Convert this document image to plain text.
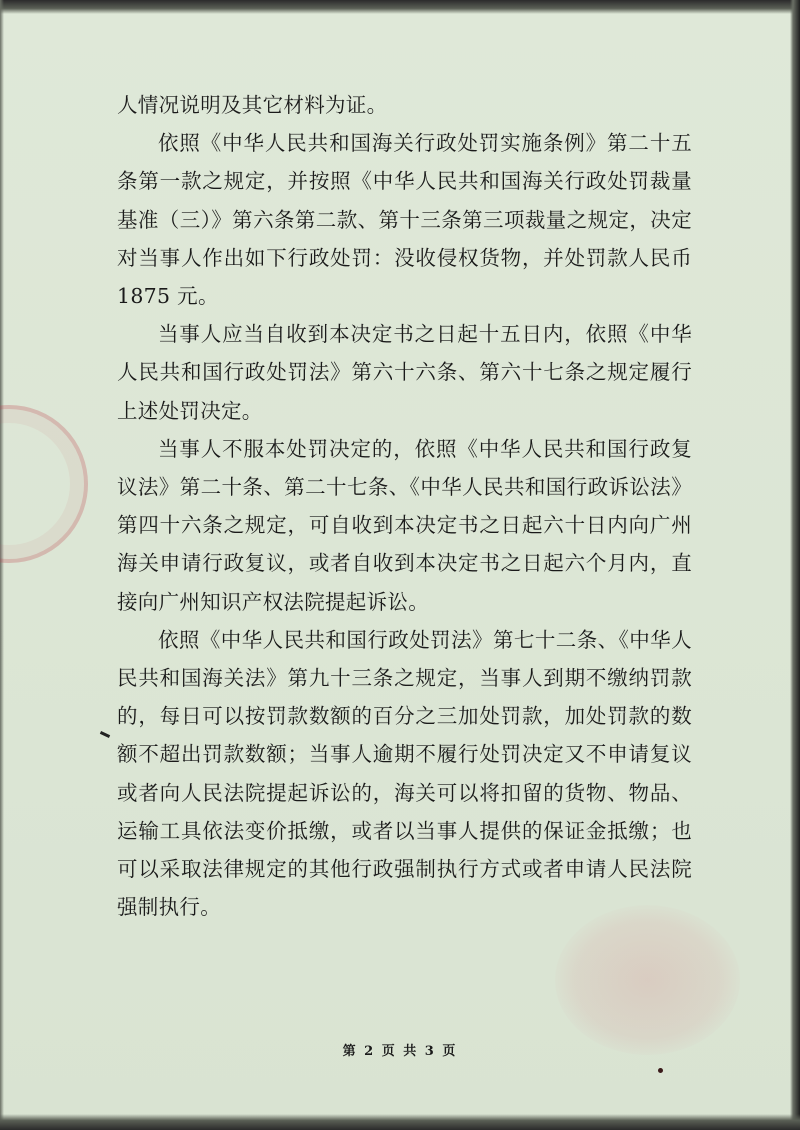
人情况说明及其它材料为证。

依照《中华人民共和国海关行政处罚实施条例》第二十五条第一款之规定，并按照《中华人民共和国海关行政处罚裁量基准（三）》第六条第二款、第十三条第三项裁量之规定，决定对当事人作出如下行政处罚：没收侵权货物，并处罚款人民币 1875 元。

当事人应当自收到本决定书之日起十五日内，依照《中华人民共和国行政处罚法》第六十六条、第六十七条之规定履行上述处罚决定。

当事人不服本处罚决定的，依照《中华人民共和国行政复议法》第二十条、第二十七条、《中华人民共和国行政诉讼法》第四十六条之规定，可自收到本决定书之日起六十日内向广州海关申请行政复议，或者自收到本决定书之日起六个月内，直接向广州知识产权法院提起诉讼。

依照《中华人民共和国行政处罚法》第七十二条、《中华人民共和国海关法》第九十三条之规定，当事人到期不缴纳罚款的，每日可以按罚款数额的百分之三加处罚款，加处罚款的数额不超出罚款数额；当事人逾期不履行处罚决定又不申请复议或者向人民法院提起诉讼的，海关可以将扣留的货物、物品、运输工具依法变价抵缴，或者以当事人提供的保证金抵缴；也可以采取法律规定的其他行政强制执行方式或者申请人民法院强制执行。

第 2 页 共 3 页
